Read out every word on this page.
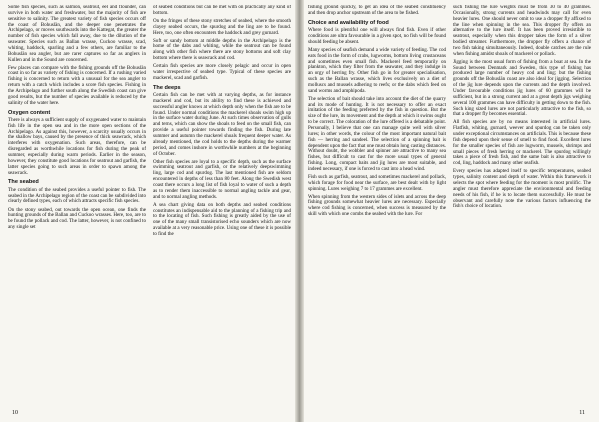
Some fish species, such as salmon, seatrout, eel and flounder, can survive in both water and freshwater, but the majority of fish are sensitive to salinity. The greatest variety of fish species occurs off the coast of Bohuslän, and the deeper one penetrates the Archipelago, or moves southwards into the Kattegat, the greater the number of fish species which fall away, due to the dilution of the seawater. Species such as Ballan wrasse, Cuckoo wrasse, scad, whiting, haddock, sparling and a few others, are familiar to the Bohuslän sea angler, but are rarer captures so far as anglers in Kullen and in the Sound are concerned.

Few places can compare with the fishing grounds off the Bohuslän coast in so far as variety of fishing is concerned. If a rushing varied fishing is concerned to return with a unusual for the sea angler to return with a catch which includes a score fish species. Fishing in the Archipelago and further south along the Swedish coast can give good results, but the number of species available is reduced by the salinity of the water here.

Oxygen content

There is always a sufficient supply of oxygenated water to maintain fish life in the open sea and in the more open sections of the Archipelago. As against this, however, a scarcity usually occurs in the shallow bays, caused by the presence of thick seawrack, which interferes with oxygenation. Such areas, therefore, can be disregarded as worthwhile locations for fish during the peak of summer, especially during warm periods. Earlier in the season, however, they constitute good locations for seatrout and garfish, the latter species going to such areas in order to spawn among the seawrack.

The seabed

The condition of the seabed provides a useful pointer to fish. The seabed in the Archipelago region of the coast can be subdivided into clearly defined types, each of which attracts specific fish species.

On the stony seabed, out towards the open ocean, one finds the hunting grounds of the Ballan and Cuckoo wrasses. Here, too, are to be found the pollack and cod. The latter, however, is not confined to any single set

of seabed conditions but can be met with on practically any kind of bottom.

On the fringes of these stony stretches of seabed, where the smooth clayey seabed occurs, the spurdog and the ling are to be found. Here, too, one often encounters the haddock and grey gurnard.

Soft or sandy bottom at middle depths in the Archipelago is the home of the dabs and whiting, while the seatrout can be found along with other fish where there are stony bottoms and soft clay bottom where there is seawrack and cod.

Certain fish species are more closely pelagic and occur in open water irrespective of seabed type. Typical of these species are mackerel, scad and garfish.

The deeps

Certain fish can be met with at varying depths, as for instance mackerel and cod, but its ability to find these is achieved and successful angler knows at which depth only when the fish are to be found. Under normal conditions the mackerel shoals swim high up in the surface water during June. At such times observation of gulls and terns, which can show the shoals to feed on the small fish, can provide a useful pointer towards finding the fish. During late summer and autumn the mackerel shoals frequent deeper water. As already mentioned, the cod holds to the depths during the warmer period, and comes inshore in worthwhile numbers at the beginning of October.

Other fish species are loyal to a specific depth, such as the surface swimming seatrout and garfish, or the relatively deepswimming ling, large cod and spurdog. The last mentioned fish are seldom encountered in depths of less than 80 feet. Along the Swedish west coast there occurs a long list of fish loyal to water of such a depth as to render them inaccessible to normal angling tackle and gear, and to normal angling methods.

A sea chart giving data on both depths and seabed conditions constitutes an indispensable aid to the planning of a fishing trip and to the locating of fish. Such fishing is greatly aided by the use of one of the many small transistorised echo sounders which are now available at a very reasonable price. Using one of these it is possible to find the

10

fishing ground quickly, to get an idea of the seabed constituency and then drop anchor upstream of the area to be fished.

Choice and availability of food

Where food is plentiful one will always find fish. Even if other conditions are ultra favourable in a given spot, no fish will be found should feeding be absent.

Many species of seafish demand a wide variety of feeding. The cod eats food in the form of crabs, lugworms, bottom living crustaceans and sometimes even small fish. Mackerel feed temporarily on plankton, which they filter from the seawater, and they indulge in an orgy of herring fry. Other fish go in for greater specialisation, such as the Ballan wrasse, which lives exclusively on a diet of molluscs and mussels adhering to reefs; or the dabs which feed on sand worms and amphipoda.

The selection of bait should take into account the diet of the quarry and its mode of hunting. It is not necessary to offer an exact imitation of the feeding preferred by the fish in question. But the size of the lure, its movement and the depth at which it swims ought to be correct. The coloration of the lure offered is a debatable point. Personally, I believe that one can manage quite well with silver lures; in other words, the colour of the most important natural bait fish — herring and sandeel. The selection of a spinning bait is dependent upon the fact that one must obtain long casting distances. Without doubt, the wobbler and spinner are attractive to many sea fishes, but difficult to cast for the more usual types of general fishing. Long, compact baits and jig lures are most suitable, and indeed necessary, if one is forced to cast into a head wind.

Fish such as garfish, seatrout, and sometimes mackerel and pollack, which forage for food near the surface, are best dealt with by light spinning. Lures weighing 7 to 17 grammes are excellent.

When spinning from the western sides of islets and across the deep fishing grounds somewhat heavier lures are necessary. Especially where cod fishing is concerned, when success is measured by the skill with which one combs the seabed with the lure. For

such fishing the lure weights must be from 30 to 40 grammes. Occasionally, strong currents and headwinds may call for even heavier lures. One should never omit to use a dropper fly affixed to the line when spinning in the sea. This dropper fly offers an alternative to the lure itself. It has been proved irresistible to seatrout, especially when this dropper takes the form of a silver bodied streamer. Furthermore, the dropper fly offers a chance of two fish taking simultaneously. Indeed, double catches are the rule when fishing amidst shoals of mackerel or pollack.

Jigging is the most usual form of fishing from a boat at sea. In the Sound between Denmark and Sweden, this type of fishing has produced large number of heavy cod and ling; but the fishing grounds off the Bohuslän coast are also ideal for jigging. Selection of the jig lure depends upon the currents and the depth involved. Under favourable conditions jig lures of 60 grammes will be sufficient, but in a strong current and at a great depth jigs weighing several 100 grammes can have difficulty in getting down to the fish. Such king sized lures are not particularly attractive to the fish, so that a dropper fly becomes essential.

All fish species are by no means interested in artificial lures. Flatfish, whiting, gurnard, weever and spurdog can be taken only under exceptional circumstances on artificials. This is because these fish depend upon their sense of smell to find food. Excellent lures for the smaller species of fish are lugworm, mussels, shrimps and small pieces of fresh herring or mackerel. The spurdog willingly takes a piece of fresh fish, and the same bait is also attractive to cod, ling, haddock and many other seafish.

Every species has adapted itself to specific temperatures, seabed types, salinity content and depth of water. Within this framework it selects the spot where feeding for the moment is most prolific. The angler must therefore appreciate the environmental and feeding needs of his fish, if he is to locate them successfully. He must be observant and carefully note the various factors influencing the fish's choice of location.

11
